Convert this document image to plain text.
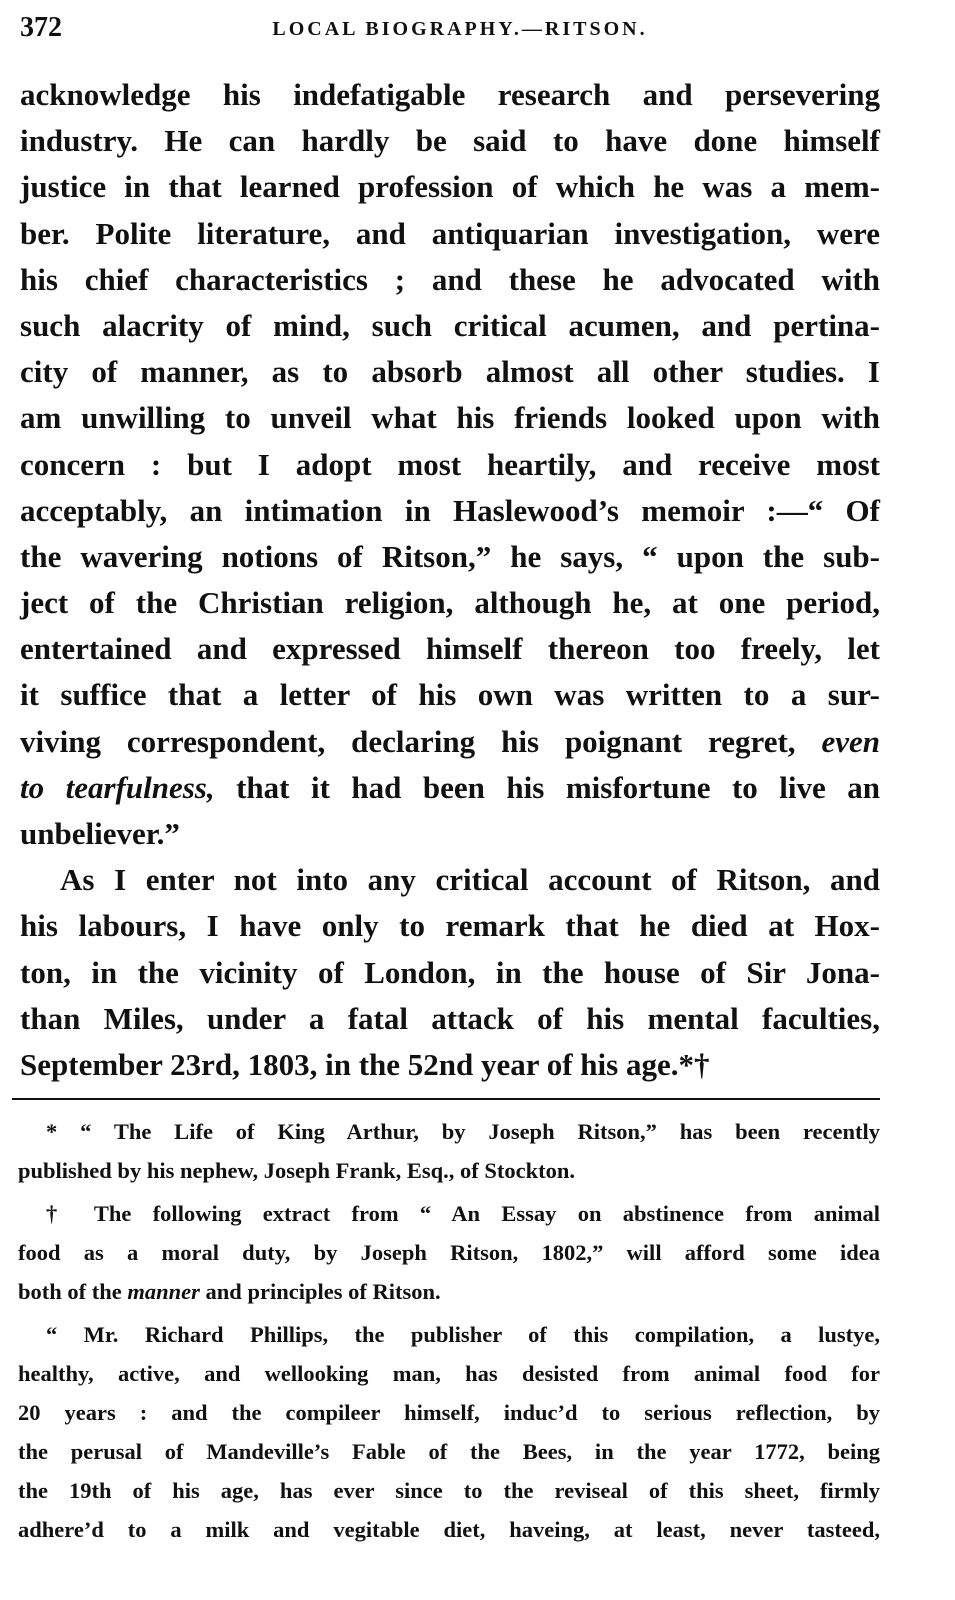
372	LOCAL BIOGRAPHY.—RITSON.
acknowledge his indefatigable research and persevering
industry. He can hardly be said to have done himself
justice in that learned profession of which he was a mem-
ber. Polite literature, and antiquarian investigation, were
his chief characteristics ; and these he advocated with
such alacrity of mind, such critical acumen, and pertina-
city of manner, as to absorb almost all other studies. I
am unwilling to unveil what his friends looked upon with
concern : but I adopt most heartily, and receive most
acceptably, an intimation in Haslewood’s memoir :—“ Of
the wavering notions of Ritson,” he says, “ upon the sub-
ject of the Christian religion, although he, at one period,
entertained and expressed himself thereon too freely, let
it suffice that a letter of his own was written to a sur-
viving correspondent, declaring his poignant regret, even
to tearfulness, that it had been his misfortune to live an
unbeliever.”
As I enter not into any critical account of Ritson, and
his labours, I have only to remark that he died at Hox-
ton, in the vicinity of London, in the house of Sir Jona-
than Miles, under a fatal attack of his mental faculties,
September 23rd, 1803, in the 52nd year of his age.*†
* “ The Life of King Arthur, by Joseph Ritson,” has been recently
published by his nephew, Joseph Frank, Esq., of Stockton.
† The following extract from “ An Essay on abstinence from animal
food as a moral duty, by Joseph Ritson, 1802,” will afford some idea
both of the manner and principles of Ritson.
“ Mr. Richard Phillips, the publisher of this compilation, a lustye,
healthy, active, and wellooking man, has desisted from animal food for
20 years : and the compileer himself, induc’d to serious reflection, by
the perusal of Mandeville’s Fable of the Bees, in the year 1772, being
the 19th of his age, has ever since to the reviseal of this sheet, firmly
adhere’d to a milk and vegitable diet, haveing, at least, never tasteed,
